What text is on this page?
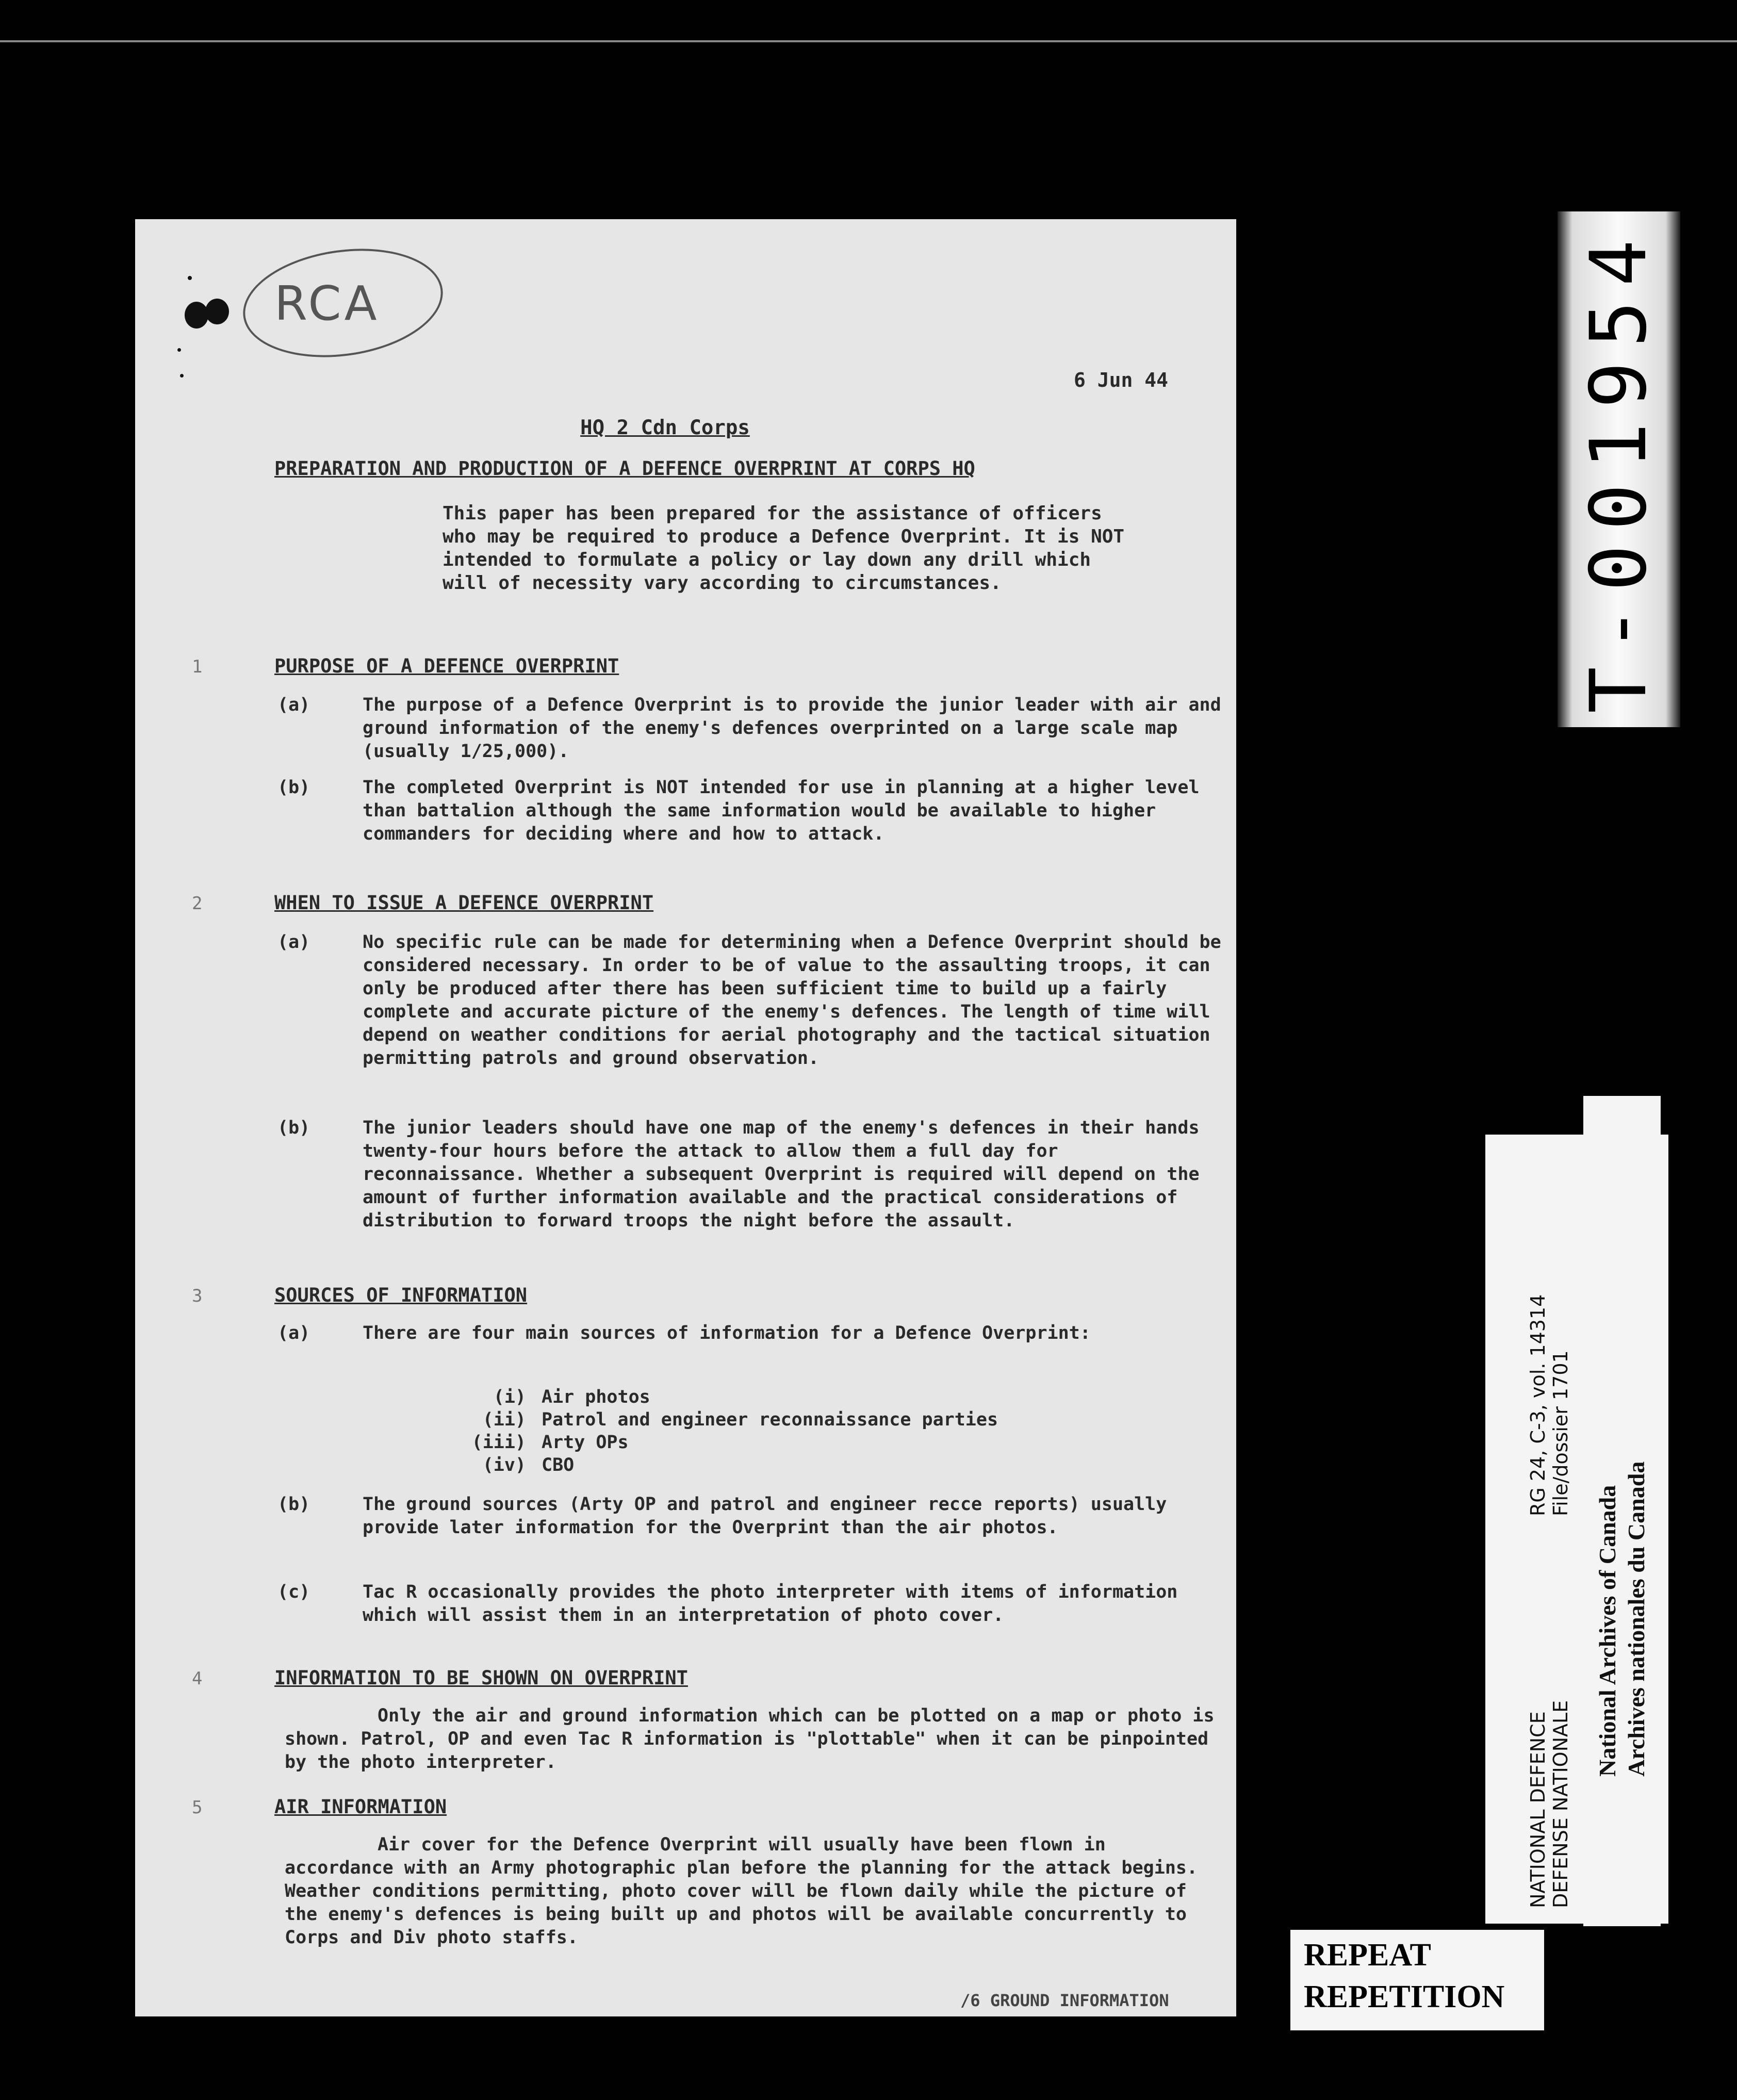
RCA
6 Jun 44
HQ 2 Cdn Corps
PREPARATION AND PRODUCTION OF A DEFENCE OVERPRINT AT CORPS HQ
This paper has been prepared for the assistance of officers who may be required to produce a Defence Overprint. It is NOT intended to formulate a policy or lay down any drill which will of necessity vary according to circumstances.
1	PURPOSE OF A DEFENCE OVERPRINT
(a)	The purpose of a Defence Overprint is to provide the junior leader with air and ground information of the enemy's defences overprinted on a large scale map (usually 1/25,000).
(b)	The completed Overprint is NOT intended for use in planning at a higher level than battalion although the same information would be available to higher commanders for deciding where and how to attack.
2	WHEN TO ISSUE A DEFENCE OVERPRINT
(a)	No specific rule can be made for determining when a Defence Overprint should be considered necessary. In order to be of value to the assaulting troops, it can only be produced after there has been sufficient time to build up a fairly complete and accurate picture of the enemy's defences. The length of time will depend on weather conditions for aerial photography and the tactical situation permitting patrols and ground observation.
(b)	The junior leaders should have one map of the enemy's defences in their hands twenty-four hours before the attack to allow them a full day for reconnaissance. Whether a subsequent Overprint is required will depend on the amount of further information available and the practical considerations of distribution to forward troops the night before the assault.
3	SOURCES OF INFORMATION
(a)	There are four main sources of information for a Defence Overprint:
(i) Air photos
(ii) Patrol and engineer reconnaissance parties
(iii) Arty OPs
(iv) CBO
(b)	The ground sources (Arty OP and patrol and engineer recce reports) usually provide later information for the Overprint than the air photos.
(c)	Tac R occasionally provides the photo interpreter with items of information which will assist them in an interpretation of photo cover.
4	INFORMATION TO BE SHOWN ON OVERPRINT
Only the air and ground information which can be plotted on a map or photo is shown. Patrol, OP and even Tac R information is "plottable" when it can be pinpointed by the photo interpreter.
5	AIR INFORMATION
Air cover for the Defence Overprint will usually have been flown in accordance with an Army photographic plan before the planning for the attack begins. Weather conditions permitting, photo cover will be flown daily while the picture of the enemy's defences is being built up and photos will be available concurrently to Corps and Div photo staffs.
/6 GROUND INFORMATION
T-001954
NATIONAL DEFENCE DEFENSE NATIONALE
RG 24, C-3, vol. 14314 File/dossier 1701
National Archives of Canada Archives nationales du Canada
REPEAT
REPETITION
